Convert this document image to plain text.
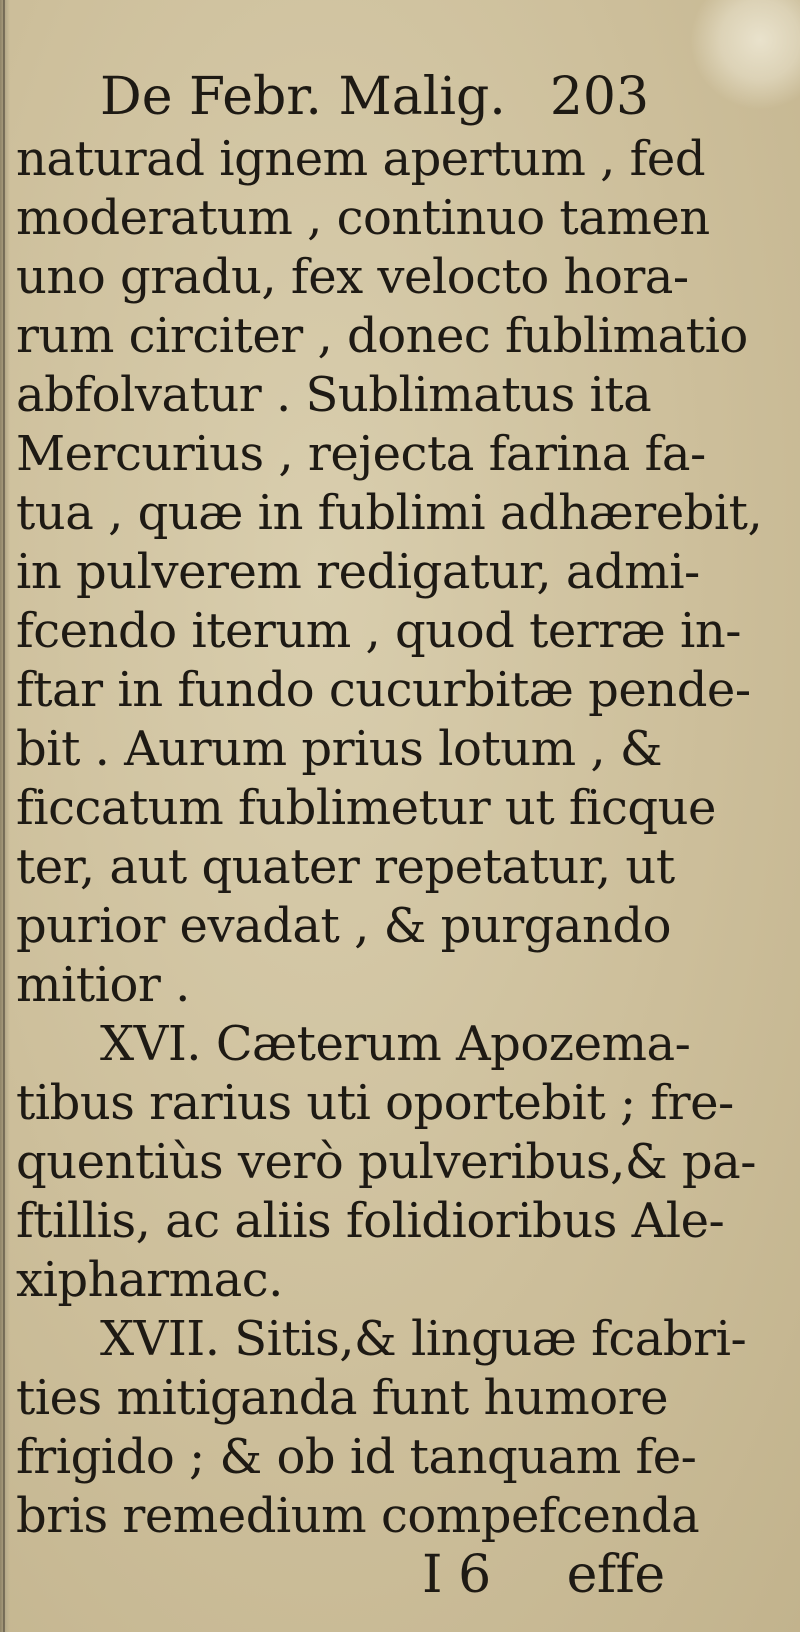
De Febr. Malig. 203
naturad ignem apertum , fed
moderatum , continuo tamen
uno gradu, fex velocto hora-
rum circiter , donec fublimatio
abfolvatur . Sublimatus ita
Mercurius , rejecta farina fa-
tua , quæ in fublimi adhærebit,
in pulverem redigatur, admi-
fcendo iterum , quod terræ in-
ftar in fundo cucurbitæ pende-
bit . Aurum prius lotum , &
ficcatum fublimetur ut ficque
ter, aut quater repetatur, ut
purior evadat , & purgando
mitior .
XVI. Cæterum Apozema-
tibus rarius uti oportebit ; fre-
quentiùs verò pulveribus,& pa-
ftillis, ac aliis folidioribus Ale-
xipharmac.
XVII. Sitis,& linguæ fcabri-
ties mitiganda funt humore
frigido ; & ob id tanquam fe-
bris remedium compefcenda
I 6 effe
